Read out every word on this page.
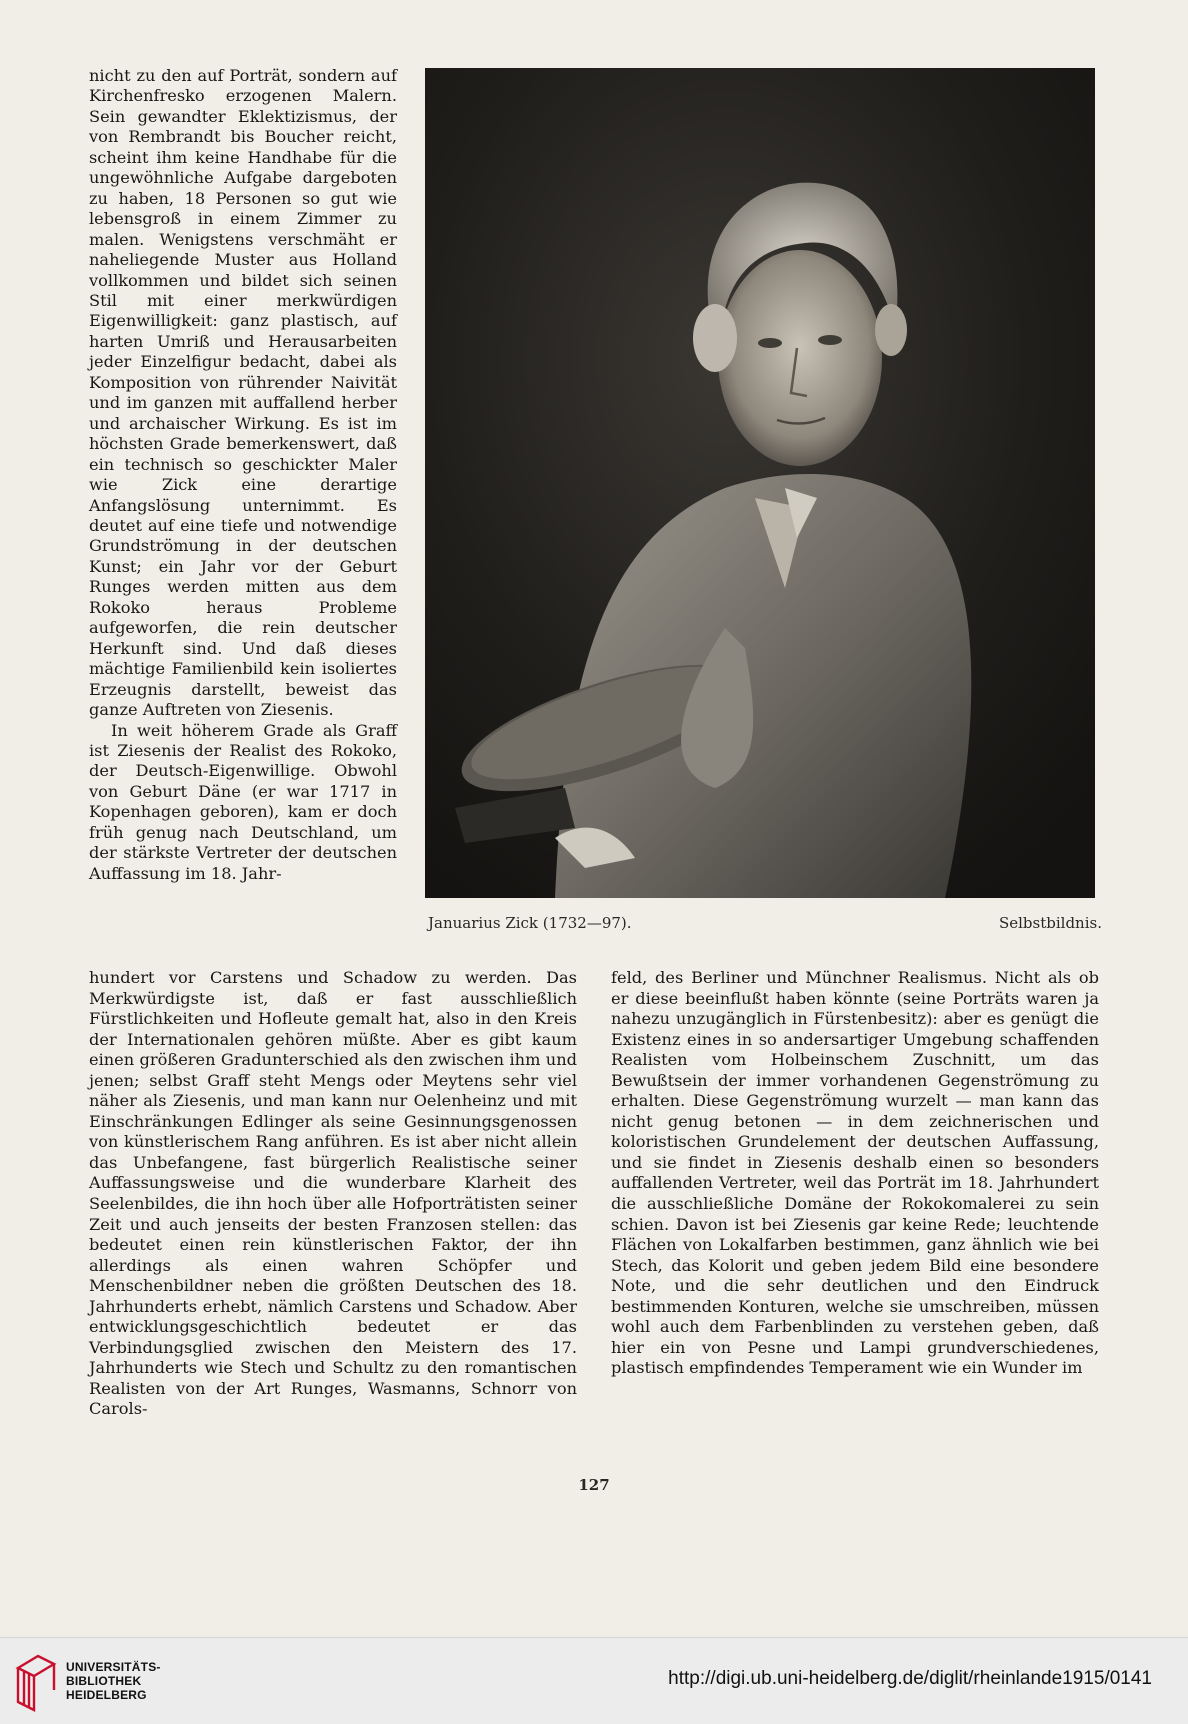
nicht zu den auf Porträt, sondern auf Kirchenfresko erzogenen Malern. Sein gewandter Eklektizismus, der von Rembrandt bis Boucher reicht, scheint ihm keine Handhabe für die ungewöhnliche Aufgabe dargeboten zu haben, 18 Personen so gut wie lebensgroß in einem Zimmer zu malen. Wenigstens verschmäht er naheliegende Muster aus Holland vollkommen und bildet sich seinen Stil mit einer merkwürdigen Eigenwilligkeit: ganz plastisch, auf harten Umriß und Herausarbeiten jeder Einzelfigur bedacht, dabei als Komposition von rührender Naivität und im ganzen mit auffallend herber und archaischer Wirkung. Es ist im höchsten Grade bemerkenswert, daß ein technisch so geschickter Maler wie Zick eine derartige Anfangslösung unternimmt. Es deutet auf eine tiefe und notwendige Grundströmung in der deutschen Kunst; ein Jahr vor der Geburt Runges werden mitten aus dem Rokoko heraus Probleme aufgeworfen, die rein deutscher Herkunft sind. Und daß dieses mächtige Familienbild kein isoliertes Erzeugnis darstellt, beweist das ganze Auftreten von Ziesenis.

In weit höherem Grade als Graff ist Ziesenis der Realist des Rokoko, der Deutsch-Eigenwillige. Obwohl von Geburt Däne (er war 1717 in Kopenhagen geboren), kam er doch früh genug nach Deutschland, um der stärkste Vertreter der deutschen Auffassung im 18. Jahr-

Januarius Zick (1732—97).	Selbstbildnis.

hundert vor Carstens und Schadow zu werden. Das Merkwürdigste ist, daß er fast ausschließlich Fürstlichkeiten und Hofleute gemalt hat, also in den Kreis der Internationalen gehören müßte. Aber es gibt kaum einen größeren Gradunterschied als den zwischen ihm und jenen; selbst Graff steht Mengs oder Meytens sehr viel näher als Ziesenis, und man kann nur Oelenheinz und mit Einschränkungen Edlinger als seine Gesinnungsgenossen von künstlerischem Rang anführen. Es ist aber nicht allein das Unbefangene, fast bürgerlich Realistische seiner Auffassungsweise und die wunderbare Klarheit des Seelenbildes, die ihn hoch über alle Hofporträtisten seiner Zeit und auch jenseits der besten Franzosen stellen: das bedeutet einen rein künstlerischen Faktor, der ihn allerdings als einen wahren Schöpfer und Menschenbildner neben die größten Deutschen des 18. Jahrhunderts erhebt, nämlich Carstens und Schadow. Aber entwicklungsgeschichtlich bedeutet er das Verbindungsglied zwischen den Meistern des 17. Jahrhunderts wie Stech und Schultz zu den romantischen Realisten von der Art Runges, Wasmanns, Schnorr von Carols-

feld, des Berliner und Münchner Realismus. Nicht als ob er diese beeinflußt haben könnte (seine Porträts waren ja nahezu unzugänglich in Fürstenbesitz): aber es genügt die Existenz eines in so andersartiger Umgebung schaffenden Realisten vom Holbeinschem Zuschnitt, um das Bewußtsein der immer vorhandenen Gegenströmung zu erhalten. Diese Gegenströmung wurzelt — man kann das nicht genug betonen — in dem zeichnerischen und koloristischen Grundelement der deutschen Auffassung, und sie findet in Ziesenis deshalb einen so besonders auffallenden Vertreter, weil das Porträt im 18. Jahrhundert die ausschließliche Domäne der Rokokomalerei zu sein schien. Davon ist bei Ziesenis gar keine Rede; leuchtende Flächen von Lokalfarben bestimmen, ganz ähnlich wie bei Stech, das Kolorit und geben jedem Bild eine besondere Note, und die sehr deutlichen und den Eindruck bestimmenden Konturen, welche sie umschreiben, müssen wohl auch dem Farbenblinden zu verstehen geben, daß hier ein von Pesne und Lampi grundverschiedenes, plastisch empfindendes Temperament wie ein Wunder im

127
UNIVERSITÄTS-
BIBLIOTHEK
HEIDELBERG
http://digi.ub.uni-heidelberg.de/diglit/rheinlande1915/0141
